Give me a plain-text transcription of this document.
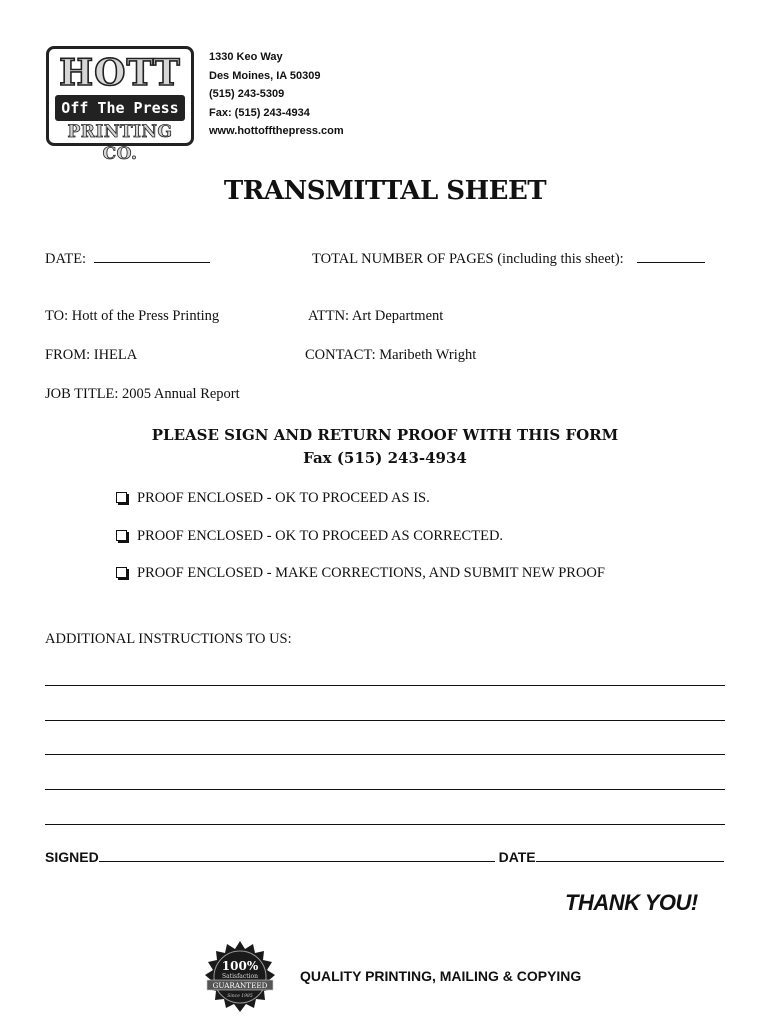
HOTT
Off The Press
PRINTING CO.
1330 Keo Way
Des Moines, IA 50309
(515) 243-5309
Fax: (515) 243-4934
www.hottoffthepress.com
TRANSMITTAL SHEET
DATE:	TOTAL NUMBER OF PAGES (including this sheet):
TO: Hott of the Press Printing	ATTN: Art Department
FROM: IHELA	CONTACT: Maribeth Wright
JOB TITLE: 2005 Annual Report
PLEASE SIGN AND RETURN PROOF WITH THIS FORM
Fax (515) 243-4934
PROOF ENCLOSED - OK TO PROCEED AS IS.
PROOF ENCLOSED - OK TO PROCEED AS CORRECTED.
PROOF ENCLOSED - MAKE CORRECTIONS, AND SUBMIT NEW PROOF
ADDITIONAL INSTRUCTIONS TO US:
SIGNED	DATE
THANK YOU!
100%
Satisfaction
GUARANTEED
Since 1985
QUALITY PRINTING, MAILING & COPYING
